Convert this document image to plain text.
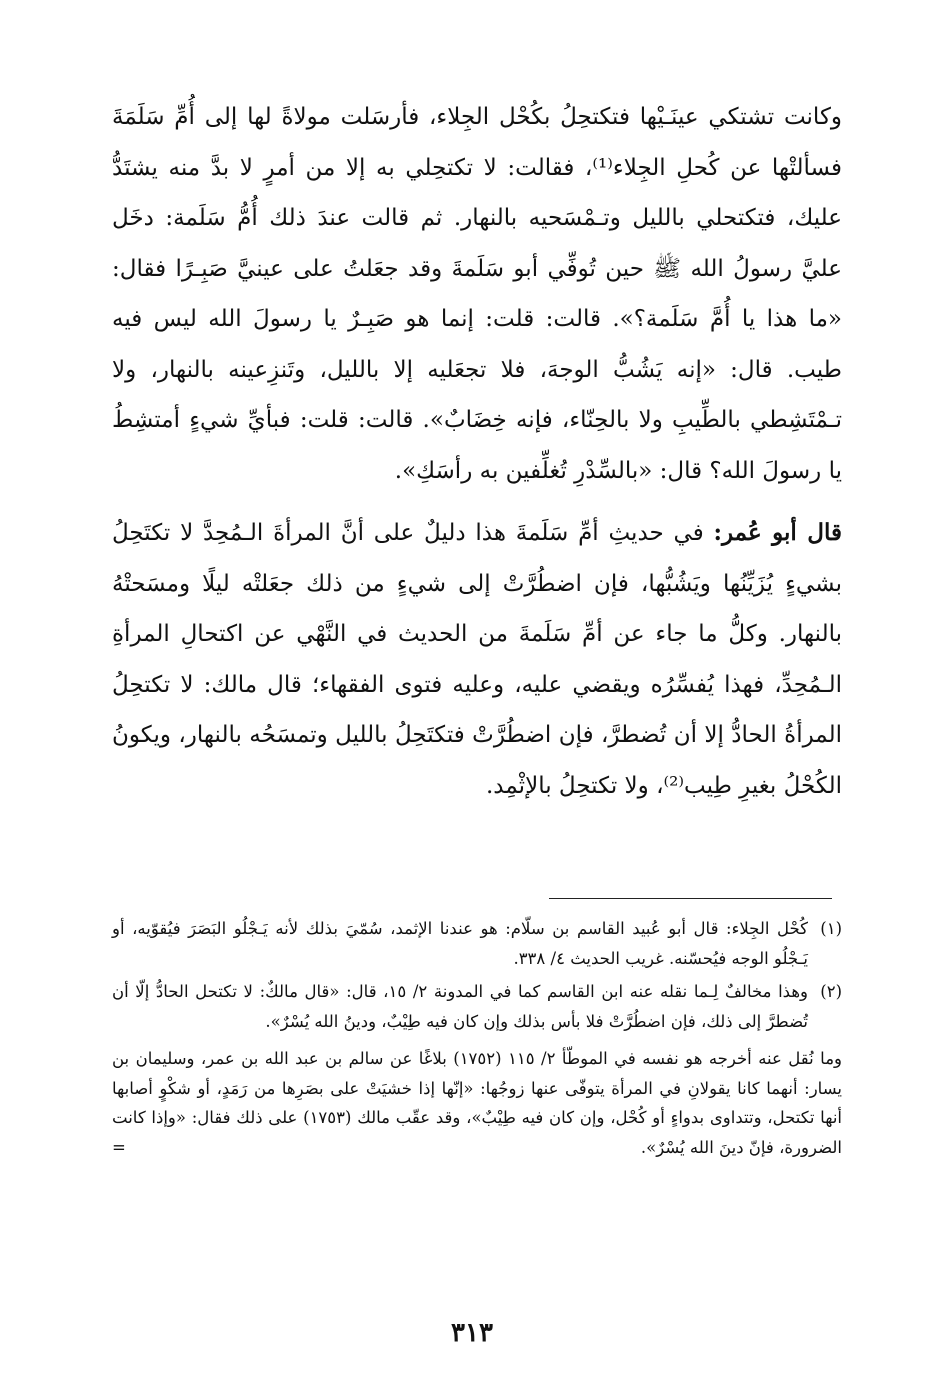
وكانت تشتكي عينَـيْها فتكتحِلُ بكُحْل الجِلاء، فأرسَلت مولاةً لها إلى أُمِّ سَلَمَةَ فسألتْها عن كُحلِ الجِلاء⁽¹⁾، فقالت: لا تكتحِلي به إلا من أمرٍ لا بدَّ منه يشتَدُّ عليك، فتكتحلي بالليل وتـمْسَحيه بالنهار. ثم قالت عندَ ذلك أُمُّ سَلَمة: دخَل عليَّ رسولُ الله ﷺ حين تُوفِّي أبو سَلَمةَ وقد جعَلتُ على عينيَّ صَبِـرًا فقال: «ما هذا يا أُمَّ سَلَمة؟». قالت: قلت: إنما هو صَبِـرٌ يا رسولَ الله ليس فيه طيب. قال: «إنه يَشُبُّ الوجهَ، فلا تجعَليه إلا بالليل، وتَنزِعينه بالنهار، ولا تـمْتَشِطي بالطِّيبِ ولا بالحِنّاء، فإنه خِضَابٌ». قالت: قلت: فبأيِّ شيءٍ أمتشِطُ يا رسولَ الله؟ قال: «بالسِّدْرِ تُغلِّفين به رأسَكِ».

قال أبو عُمر: في حديثِ أمِّ سَلَمةَ هذا دليلٌ على أنَّ المرأةَ الـمُحِدَّ لا تكتَحِلُ بشيءٍ يُزَيِّنُها ويَشُبُّها، فإن اضطُرَّتْ إلى شيءٍ من ذلك جعَلتْه ليلًا ومسَحتْهُ بالنهار. وكلُّ ما جاء عن أمِّ سَلَمةَ من الحديث في النَّهْي عن اكتحالِ المرأةِ الـمُحِدِّ، فهذا يُفسِّرُه ويقضي عليه، وعليه فتوى الفقهاء؛ قال مالك: لا تكتحِلُ المرأةُ الحادُّ إلا أن تُضطرَّ، فإن اضطُرَّتْ فتكتَحِلُ بالليل وتمسَحُه بالنهار، ويكونُ الكُحْلُ بغيرِ طِيب⁽²⁾، ولا تكتحِلُ بالإثْمِد.

(١)
كُحْل الجِلاء: قال أبو عُبيد القاسم بن سلّام: هو عندنا الإثمد، سُمّيَ بذلك لأنه يَـجْلُو البَصَرَ فيُقوّيه، أو يَـجْلُو الوجه فيُحسّنه. غريب الحديث ٤/ ٣٣٨.
(٢)
وهذا مخالفٌ لِـما نقله عنه ابن القاسم كما في المدونة ٢/ ١٥، قال: «قال مالكٌ: لا تكتحل الحادُّ إلّا أن تُضطرَّ إلى ذلك، فإن اضطُرَّتْ فلا بأس بذلك وإن كان فيه طِيْبٌ، ودينُ الله يُسْرٌ».
وما نُقل عنه أخرجه هو نفسه في الموطّأ ٢/ ١١٥ (١٧٥٢) بلاغًا عن سالم بن عبد الله بن عمر، وسليمان بن يسار: أنهما كانا يقولانِ في المرأة يتوفّى عنها زوجُها: «إنّها إذا خشيَتْ على بصَرِها من رَمَدٍ، أو شكْوٍ أصابها أنها تكتحل، وتتداوى بدواءٍ أو كُحْل، وإن كان فيه طِيْبٌ»، وقد عقّب مالك (١٧٥٣) على ذلك فقال: «وإذا كانت الضرورة، فإنّ دينَ الله يُسْرٌ».
=
٣١٣
